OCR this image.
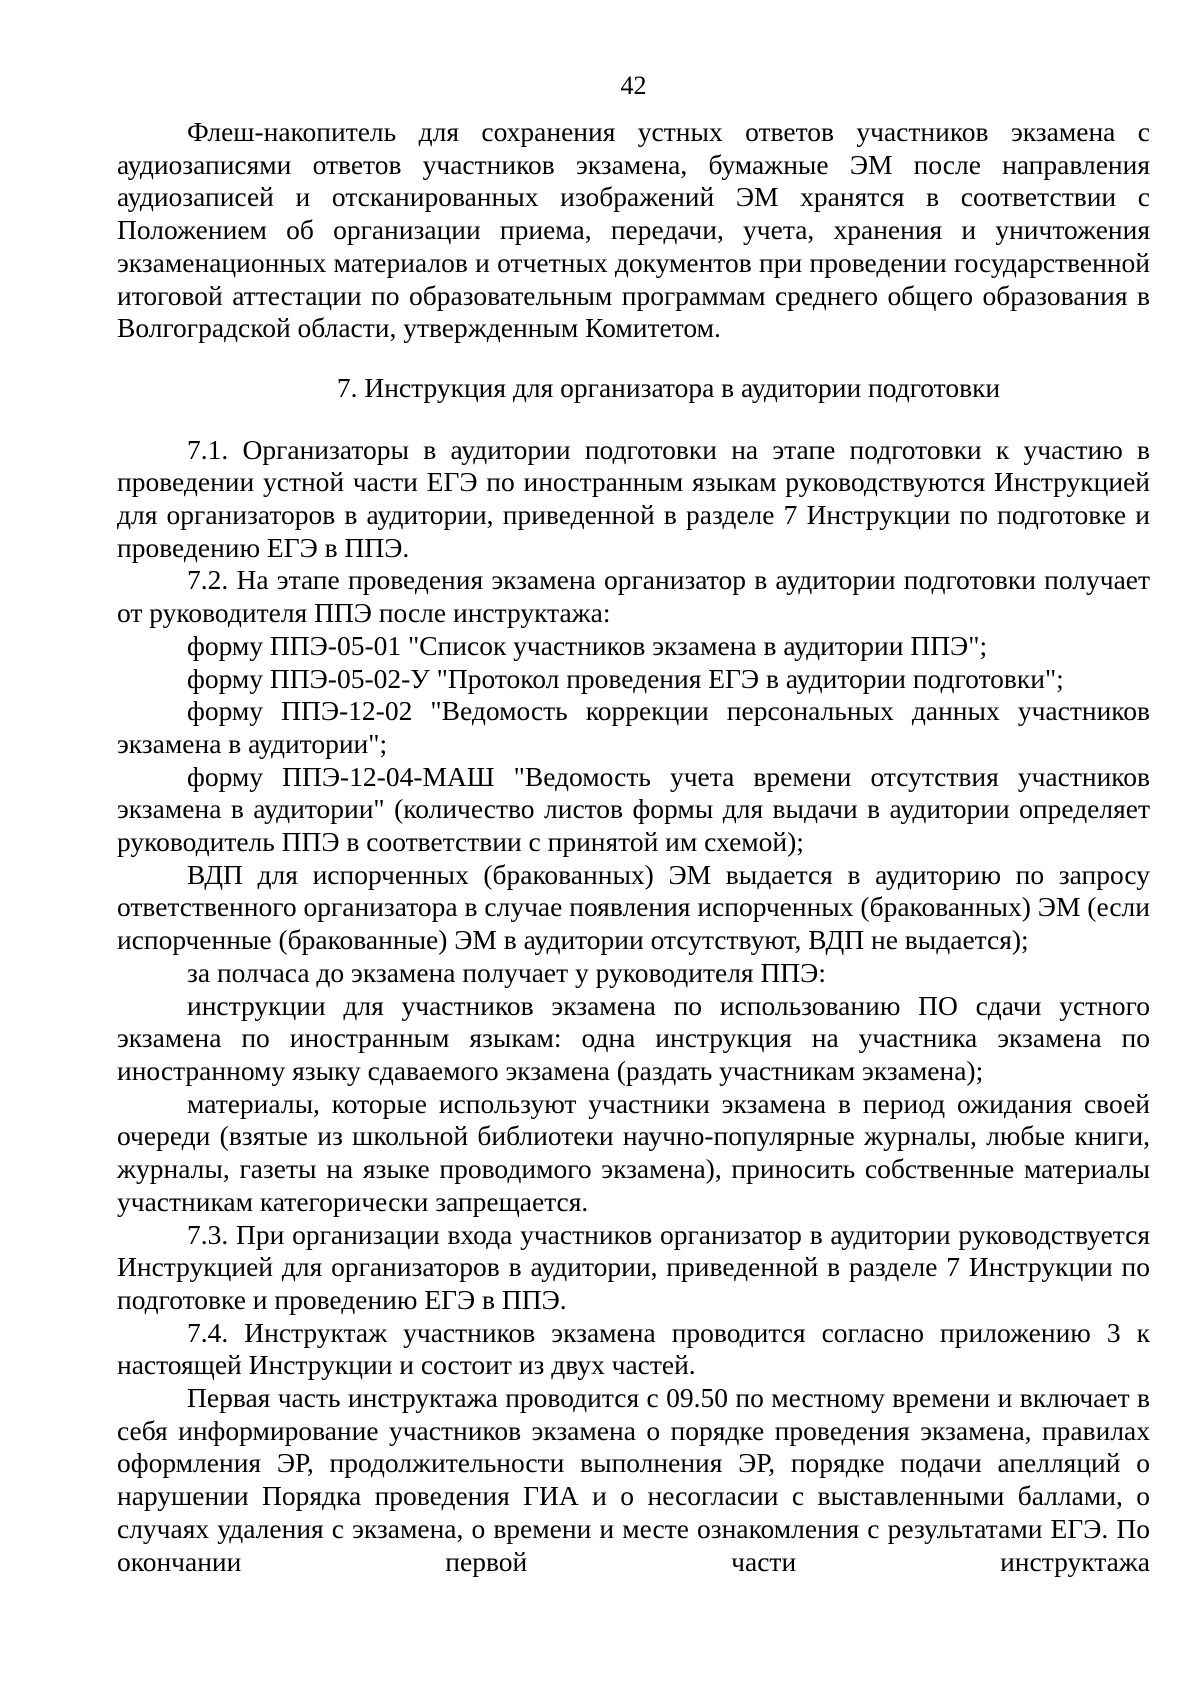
42

Флеш-накопитель для сохранения устных ответов участников экзамена с аудиозаписями ответов участников экзамена, бумажные ЭМ после направления аудиозаписей и отсканированных изображений ЭМ хранятся в соответствии с Положением об организации приема, передачи, учета, хранения и уничтожения экзаменационных материалов и отчетных документов при проведении государственной итоговой аттестации по образовательным программам среднего общего образования в Волгоградской области, утвержденным Комитетом.

7. Инструкция для организатора в аудитории подготовки

7.1. Организаторы в аудитории подготовки на этапе подготовки к участию в проведении устной части ЕГЭ по иностранным языкам руководствуются Инструкцией для организаторов в аудитории, приведенной в разделе 7 Инструкции по подготовке и проведению ЕГЭ в ППЭ.

7.2. На этапе проведения экзамена организатор в аудитории подготовки получает от руководителя ППЭ после инструктажа:

форму ППЭ-05-01 "Список участников экзамена в аудитории ППЭ";

форму ППЭ-05-02-У "Протокол проведения ЕГЭ в аудитории подготовки";

форму ППЭ-12-02 "Ведомость коррекции персональных данных участников экзамена в аудитории";

форму ППЭ-12-04-МАШ "Ведомость учета времени отсутствия участников экзамена в аудитории" (количество листов формы для выдачи в аудитории определяет руководитель ППЭ в соответствии с принятой им схемой);

ВДП для испорченных (бракованных) ЭМ выдается в аудиторию по запросу ответственного организатора в случае появления испорченных (бракованных) ЭМ (если испорченные (бракованные) ЭМ в аудитории отсутствуют, ВДП не выдается);

за полчаса до экзамена получает у руководителя ППЭ:

инструкции для участников экзамена по использованию ПО сдачи устного экзамена по иностранным языкам: одна инструкция на участника экзамена по иностранному языку сдаваемого экзамена (раздать участникам экзамена);

материалы, которые используют участники экзамена в период ожидания своей очереди (взятые из школьной библиотеки научно-популярные журналы, любые книги, журналы, газеты на языке проводимого экзамена), приносить собственные материалы участникам категорически запрещается.

7.3. При организации входа участников организатор в аудитории руководствуется Инструкцией для организаторов в аудитории, приведенной в разделе 7 Инструкции по подготовке и проведению ЕГЭ в ППЭ.

7.4. Инструктаж участников экзамена проводится согласно приложению 3 к настоящей Инструкции и состоит из двух частей.

Первая часть инструктажа проводится с 09.50 по местному времени и включает в себя информирование участников экзамена о порядке проведения экзамена, правилах оформления ЭР, продолжительности выполнения ЭР, порядке подачи апелляций о нарушении Порядка проведения ГИА и о несогласии с выставленными баллами, о случаях удаления с экзамена, о времени и месте ознакомления с результатами ЕГЭ. По окончании первой части инструктажа
